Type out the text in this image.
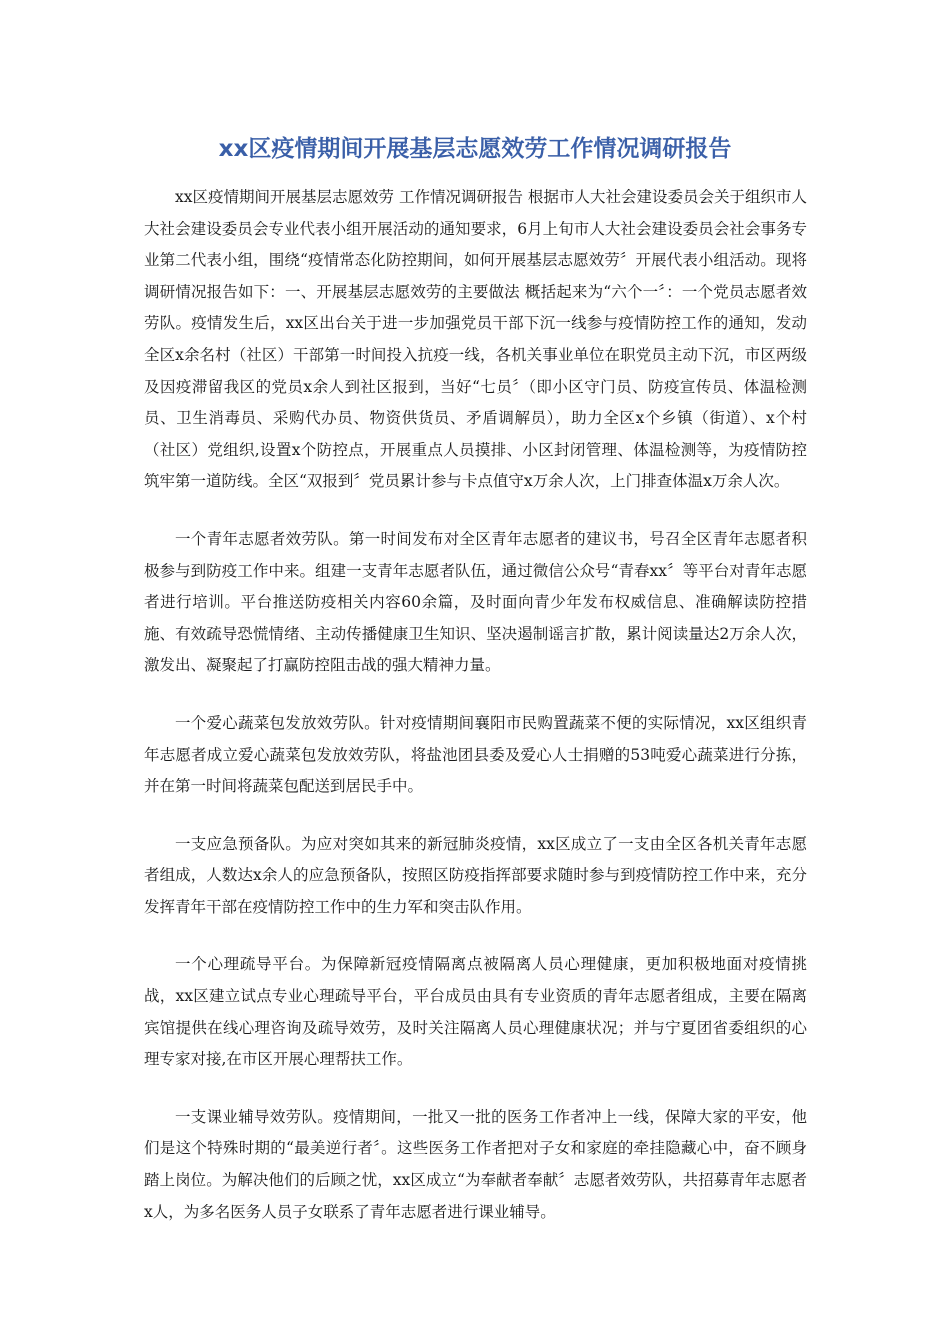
xx区疫情期间开展基层志愿效劳工作情况调研报告

xx区疫情期间开展基层志愿效劳 工作情况调研报告 根据市人大社会建设委员会关于组织市人大社会建设委员会专业代表小组开展活动的通知要求，6月上旬市人大社会建设委员会社会事务专业第二代表小组，围绕“疫情常态化防控期间，如何开展基层志愿效劳〞开展代表小组活动。现将调研情况报告如下：一、开展基层志愿效劳的主要做法 概括起来为“六个一〞：一个党员志愿者效劳队。疫情发生后，xx区出台关于进一步加强党员干部下沉一线参与疫情防控工作的通知，发动全区x余名村（社区）干部第一时间投入抗疫一线，各机关事业单位在职党员主动下沉，市区两级及因疫滞留我区的党员x余人到社区报到，当好“七员〞（即小区守门员、防疫宣传员、体温检测员、卫生消毒员、采购代办员、物资供货员、矛盾调解员），助力全区x个乡镇（街道）、x个村（社区）党组织,设置x个防控点，开展重点人员摸排、小区封闭管理、体温检测等，为疫情防控筑牢第一道防线。全区“双报到〞党员累计参与卡点值守x万余人次，上门排查体温x万余人次。

一个青年志愿者效劳队。第一时间发布对全区青年志愿者的建议书，号召全区青年志愿者积极参与到防疫工作中来。组建一支青年志愿者队伍，通过微信公众号“青春xx〞等平台对青年志愿者进行培训。平台推送防疫相关内容60余篇，及时面向青少年发布权威信息、准确解读防控措施、有效疏导恐慌情绪、主动传播健康卫生知识、坚决遏制谣言扩散，累计阅读量达2万余人次，激发出、凝聚起了打赢防控阻击战的强大精神力量。

一个爱心蔬菜包发放效劳队。针对疫情期间襄阳市民购置蔬菜不便的实际情况，xx区组织青年志愿者成立爱心蔬菜包发放效劳队，将盐池团县委及爱心人士捐赠的53吨爱心蔬菜进行分拣，并在第一时间将蔬菜包配送到居民手中。

一支应急预备队。为应对突如其来的新冠肺炎疫情，xx区成立了一支由全区各机关青年志愿者组成，人数达x余人的应急预备队，按照区防疫指挥部要求随时参与到疫情防控工作中来，充分发挥青年干部在疫情防控工作中的生力军和突击队作用。

一个心理疏导平台。为保障新冠疫情隔离点被隔离人员心理健康，更加积极地面对疫情挑战，xx区建立试点专业心理疏导平台，平台成员由具有专业资质的青年志愿者组成，主要在隔离宾馆提供在线心理咨询及疏导效劳，及时关注隔离人员心理健康状况；并与宁夏团省委组织的心理专家对接,在市区开展心理帮扶工作。

一支课业辅导效劳队。疫情期间，一批又一批的医务工作者冲上一线，保障大家的平安，他们是这个特殊时期的“最美逆行者〞。这些医务工作者把对子女和家庭的牵挂隐藏心中，奋不顾身踏上岗位。为解决他们的后顾之忧，xx区成立“为奉献者奉献〞志愿者效劳队，共招募青年志愿者x人，为多名医务人员子女联系了青年志愿者进行课业辅导。
